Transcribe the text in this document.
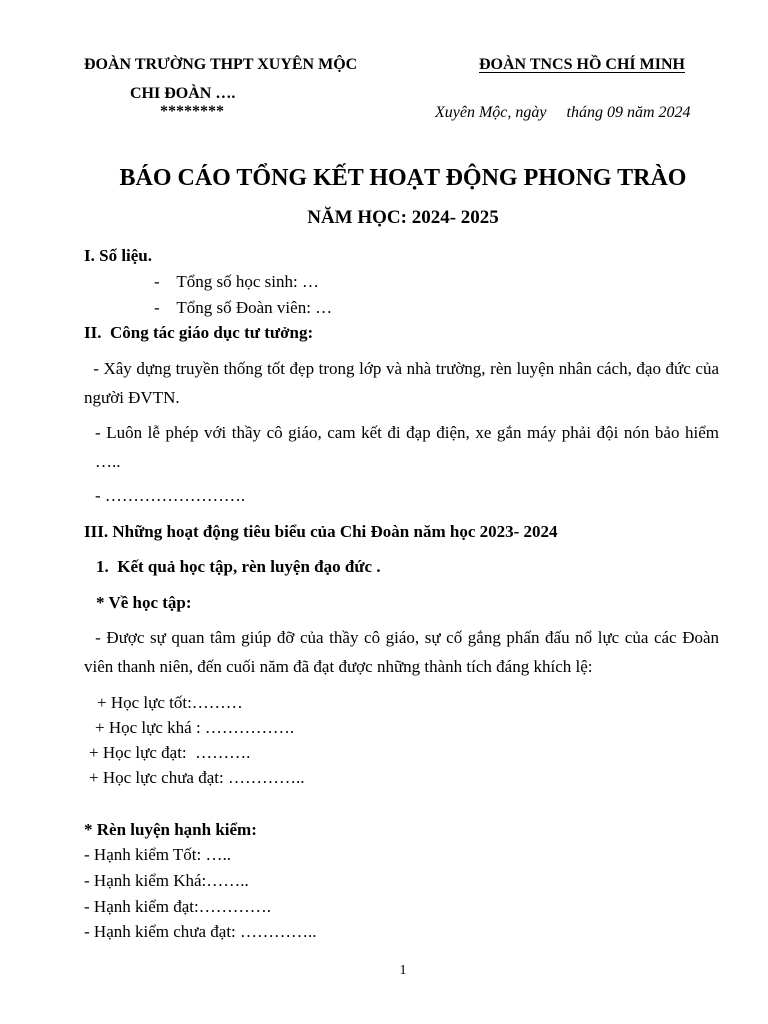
ĐOÀN TRƯỜNG THPT XUYÊN MỘC	ĐOÀN TNCS HỒ CHÍ MINH
CHI ĐOÀN ….
********	Xuyên Mộc, ngày     tháng 09 năm 2024
BÁO CÁO TỔNG KẾT HOẠT ĐỘNG PHONG TRÀO
NĂM HỌC: 2024- 2025
I. Số liệu.
-    Tổng số học sinh: …
-    Tổng số Đoàn viên: …
II.  Công tác giáo dục tư tưởng:
- Xây dựng truyền thống tốt đẹp trong lớp và nhà trường, rèn luyện nhân cách, đạo đức của  người ĐVTN.
- Luôn lễ phép với thầy cô giáo, cam kết đi đạp điện, xe gắn máy phải đội nón bảo hiểm …..
- …………………….
III. Những hoạt động tiêu biểu của Chi Đoàn năm học 2023- 2024
1.  Kết quả học tập, rèn luyện đạo đức .
* Về học tập:
- Được sự quan tâm giúp đỡ của thầy cô giáo, sự cố gắng phấn đấu nổ lực của các Đoàn viên thanh niên, đến cuối năm đã đạt được những thành tích đáng khích lệ:
+ Học lực tốt:………
+ Học lực khá : …………….
+ Học lực đạt:  ……….
+ Học lực chưa đạt: …………..
* Rèn luyện hạnh kiểm:
- Hạnh kiểm Tốt: …..
- Hạnh kiểm Khá:……..
- Hạnh kiểm đạt:………….
- Hạnh kiểm chưa đạt: …………..
1
